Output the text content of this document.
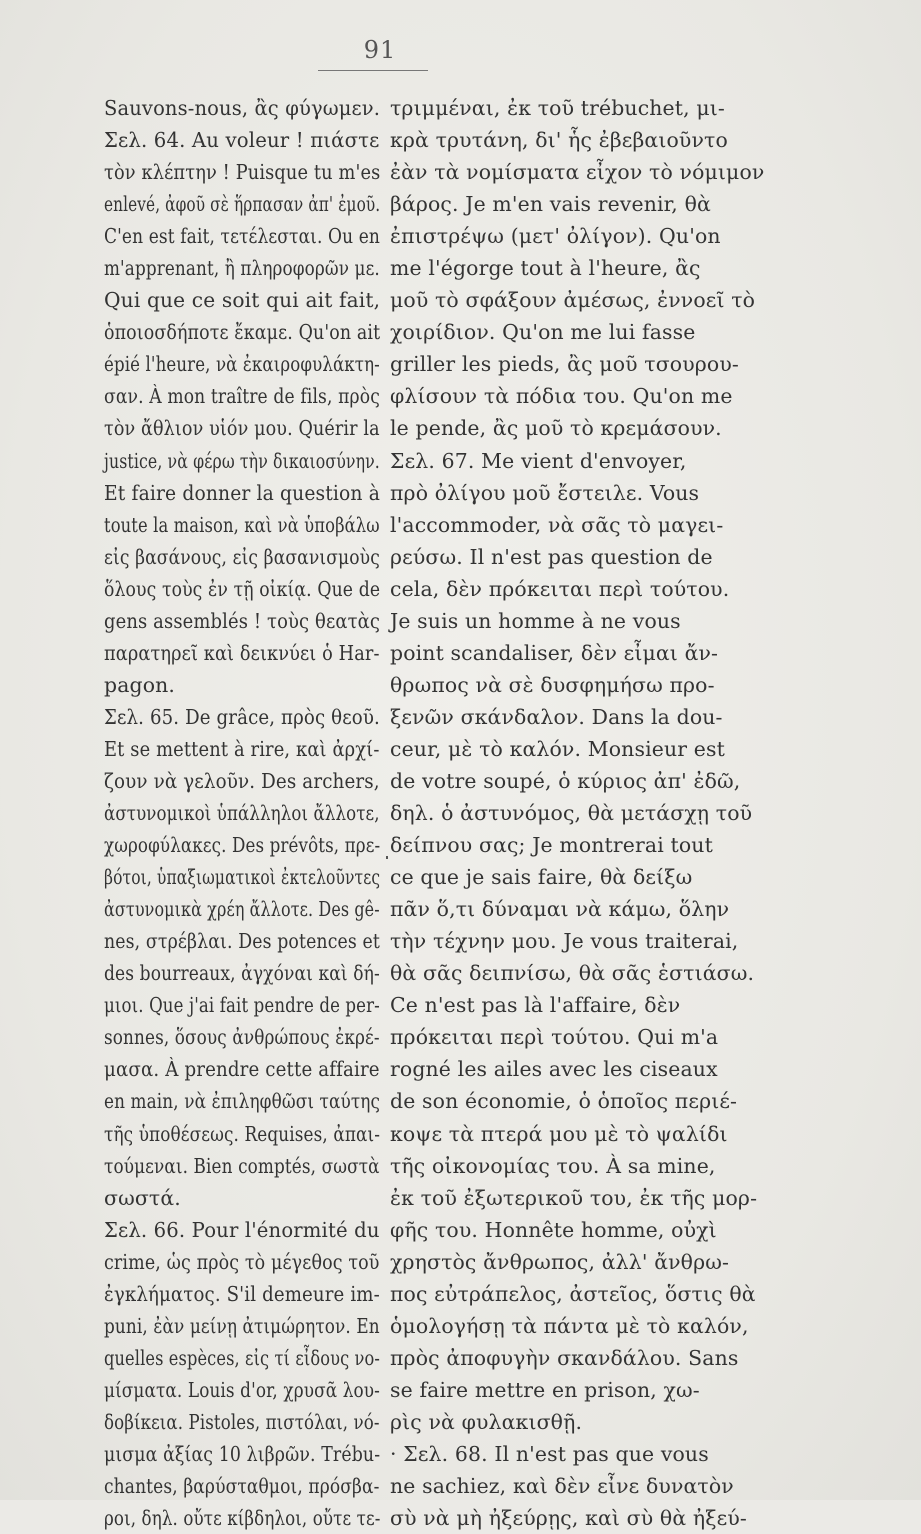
91
Sauvons-nous, ἂς φύγωμεν.
Σελ. 64. Au voleur ! πιάστε
τὸν κλέπτην ! Puisque tu m'es
enlevé, ἀφοῦ σὲ ἥρπασαν ἀπ' ἐμοῦ.
C'en est fait, τετέλεσται. Ou en
m'apprenant, ἢ πληροφορῶν με.
Qui que ce soit qui ait fait,
ὁποιοσδήποτε ἔκαμε. Qu'on ait
épié l'heure, νὰ ἐκαιροφυλάκτη-
σαν. À mon traître de fils, πρὸς
τὸν ἄθλιον υἱόν μου. Quérir la
justice, νὰ φέρω τὴν δικαιοσύνην.
Et faire donner la question à
toute la maison, καὶ νὰ ὑποβάλω
εἰς βασάνους, εἰς βασανισμοὺς
ὅλους τοὺς ἐν τῇ οἰκίᾳ. Que de
gens assemblés ! τοὺς θεατὰς
παρατηρεῖ καὶ δεικνύει ὁ Har-
pagon.
Σελ. 65. De grâce, πρὸς θεοῦ.
Et se mettent à rire, καὶ ἀρχί-
ζουν νὰ γελοῦν. Des archers,
ἀστυνομικοὶ ὑπάλληλοι ἄλλοτε,
χωροφύλακες. Des prévôts, πρε-
βότοι, ὑπαξιωματικοὶ ἐκτελοῦντες
ἀστυνομικὰ χρέη ἄλλοτε. Des gê-
nes, στρέβλαι. Des potences et
des bourreaux, ἀγχόναι καὶ δή-
μιοι. Que j'ai fait pendre de per-
sonnes, ὅσους ἀνθρώπους ἐκρέ-
μασα. À prendre cette affaire
en main, νὰ ἐπιληφθῶσι ταύτης
τῆς ὑποθέσεως. Requises, ἀπαι-
τούμεναι. Bien comptés, σωστὰ
σωστά.
Σελ. 66. Pour l'énormité du
crime, ὡς πρὸς τὸ μέγεθος τοῦ
ἐγκλήματος. S'il demeure im-
puni, ἐὰν μείνῃ ἀτιμώρητον. En
quelles espèces, εἰς τί εἶδους νο-
μίσματα. Louis d'or, χρυσᾶ λου-
δοβίκεια. Pistoles, πιστόλαι, νό-
μισμα ἀξίας 10 λιβρῶν. Trébu-
chantes, βαρύσταθμοι, πρόσβα-
ροι, δηλ. οὔτε κίβδηλοι, οὔτε τε-
τριμμέναι, ἐκ τοῦ trébuchet, μι-
κρὰ τρυτάνη, δι' ἧς ἐβεβαιοῦντο
ἐὰν τὰ νομίσματα εἶχον τὸ νόμιμον
βάρος. Je m'en vais revenir, θὰ
ἐπιστρέψω (μετ' ὀλίγον). Qu'on
me l'égorge tout à l'heure, ἂς
μοῦ τὸ σφάξουν ἀμέσως, ἐννοεῖ τὸ
χοιρίδιον. Qu'on me lui fasse
griller les pieds, ἂς μοῦ τσουρου-
φλίσουν τὰ πόδια του. Qu'on me
le pende, ἂς μοῦ τὸ κρεμάσουν.
Σελ. 67. Me vient d'envoyer,
πρὸ ὀλίγου μοῦ ἔστειλε. Vous
l'accommoder, νὰ σᾶς τὸ μαγει-
ρεύσω. Il n'est pas question de
cela, δὲν πρόκειται περὶ τούτου.
Je suis un homme à ne vous
point scandaliser, δὲν εἶμαι ἄν-
θρωπος νὰ σὲ δυσφημήσω προ-
ξενῶν σκάνδαλον. Dans la dou-
ceur, μὲ τὸ καλόν. Monsieur est
de votre soupé, ὁ κύριος ἀπ' ἐδῶ,
δηλ. ὁ ἀστυνόμος, θὰ μετάσχῃ τοῦ
δείπνου σας; Je montrerai tout
ce que je sais faire, θὰ δείξω
πᾶν ὅ,τι δύναμαι νὰ κάμω, ὅλην
τὴν τέχνην μου. Je vous traiterai,
θὰ σᾶς δειπνίσω, θὰ σᾶς ἑστιάσω.
Ce n'est pas là l'affaire, δὲν
πρόκειται περὶ τούτου. Qui m'a
rogné les ailes avec les ciseaux
de son économie, ὁ ὁποῖος περιέ-
κοψε τὰ πτερά μου μὲ τὸ ψαλίδι
τῆς οἰκονομίας του. À sa mine,
ἐκ τοῦ ἐξωτερικοῦ του, ἐκ τῆς μορ-
φῆς του. Honnête homme, οὐχὶ
χρηστὸς ἄνθρωπος, ἀλλ' ἄνθρω-
πος εὐτράπελος, ἀστεῖος, ὅστις θὰ
ὁμολογήσῃ τὰ πάντα μὲ τὸ καλόν,
πρὸς ἀποφυγὴν σκανδάλου. Sans
se faire mettre en prison, χω-
ρὶς νὰ φυλακισθῇ.
· Σελ. 68. Il n'est pas que vous
ne sachiez, καὶ δὲν εἶνε δυνατὸν
σὺ νὰ μὴ ἠξεύρῃς, καὶ σὺ θὰ ἠξεύ-
